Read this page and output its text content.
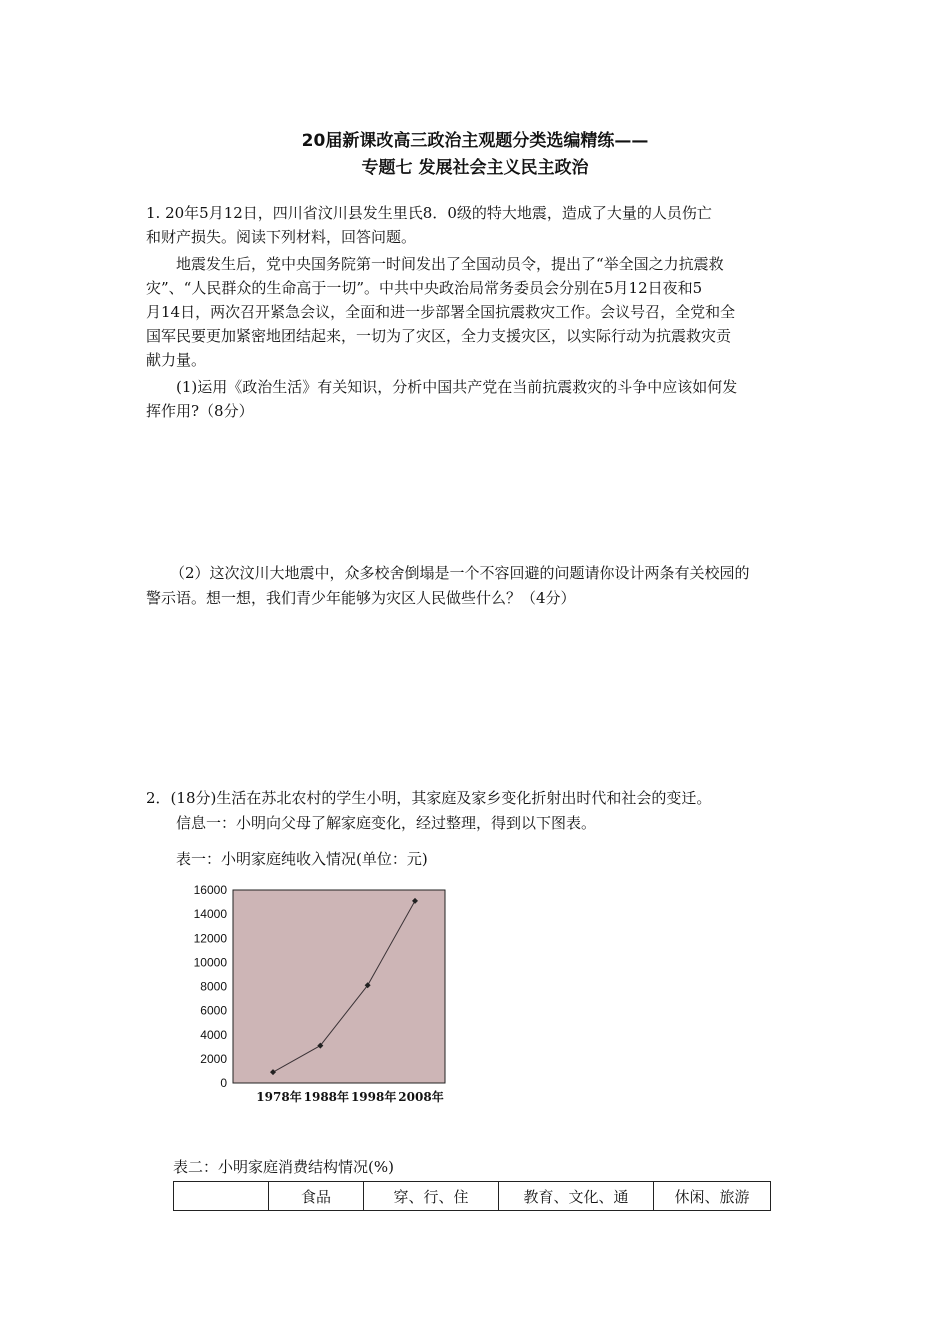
20届新课改高三政治主观题分类选编精练——
专题七 发展社会主义民主政治
1. 20年5月12日，四川省汶川县发生里氏8．0级的特大地震，造成了大量的人员伤亡
和财产损失。阅读下列材料，回答问题。
地震发生后，党中央国务院第一时间发出了全国动员令，提出了“举全国之力抗震救
灾”、“人民群众的生命高于一切”。中共中央政治局常务委员会分别在5月12日夜和5
月14日，两次召开紧急会议，全面和进一步部署全国抗震救灾工作。会议号召，全党和全
国军民要更加紧密地团结起来，一切为了灾区，全力支援灾区，以实际行动为抗震救灾贡
献力量。
(1)运用《政治生活》有关知识，分析中国共产党在当前抗震救灾的斗争中应该如何发
挥作用?（8分）
（2）这次汶川大地震中，众多校舍倒塌是一个不容回避的问题请你设计两条有关校园的
警示语。想一想，我们青少年能够为灾区人民做些什么？（4分）
2．(18分)生活在苏北农村的学生小明，其家庭及家乡变化折射出时代和社会的变迁。
信息一：小明向父母了解家庭变化，经过整理，得到以下图表。
表一：小明家庭纯收入情况(单位：元)
16000
14000
12000
10000
8000
6000
4000
2000
0
1978年 1988年 1998年 2008年
表二：小明家庭消费结构情况(%)
	食品	穿、行、住	教育、文化、通	休闲、旅游
